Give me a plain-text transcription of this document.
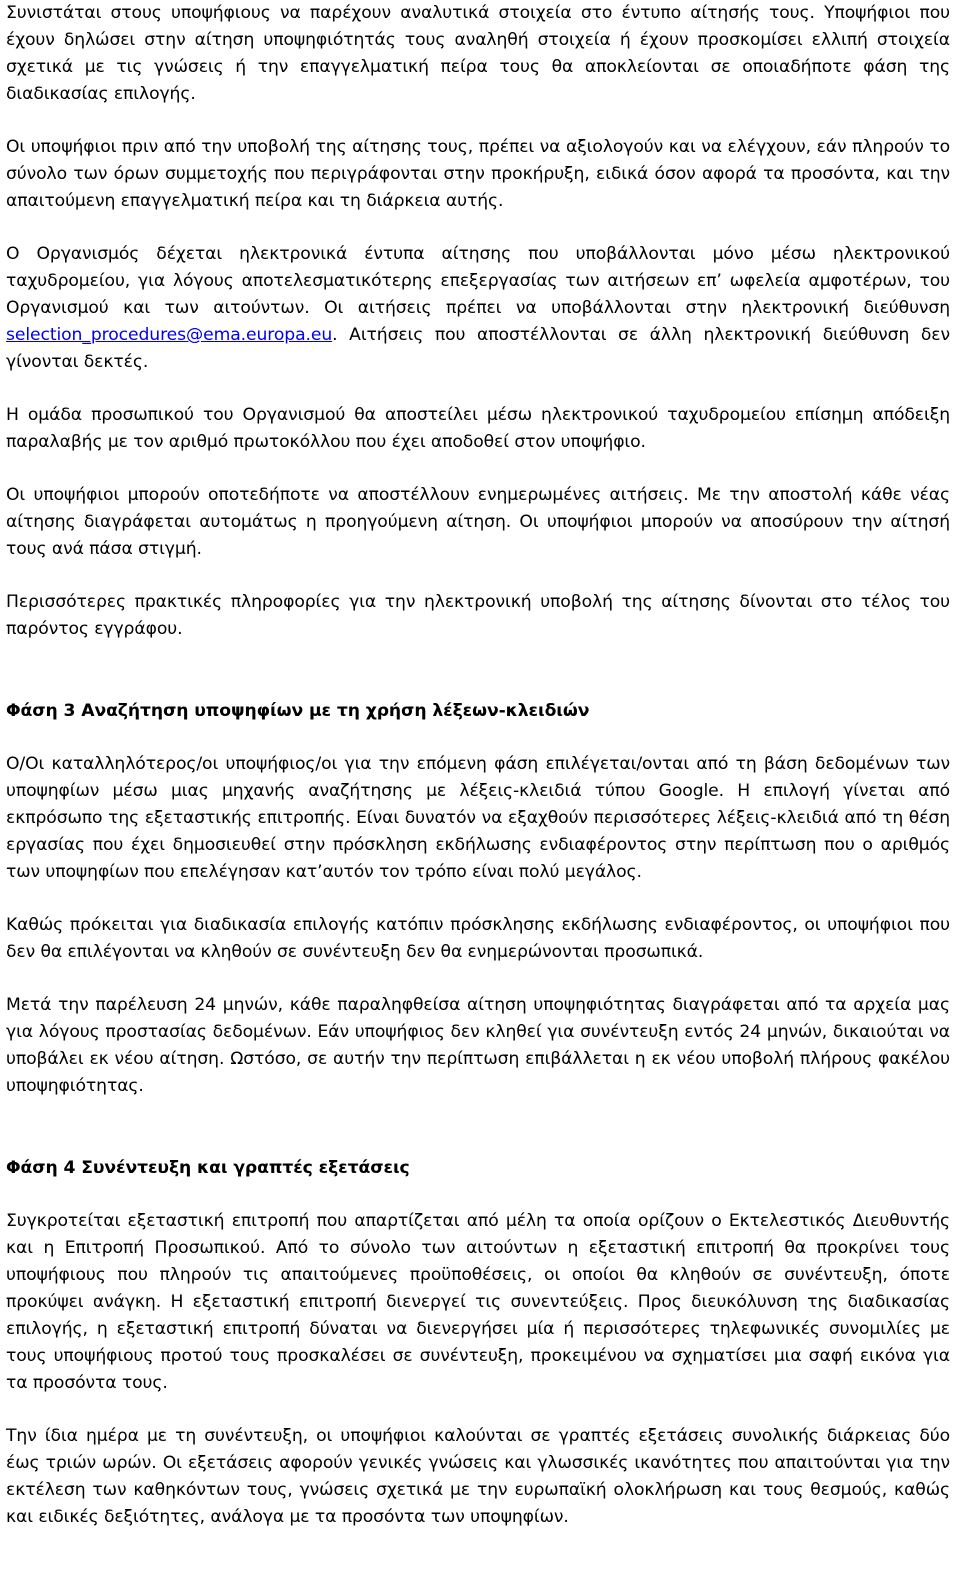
Συνιστάται στους υποψήφιους να παρέχουν αναλυτικά στοιχεία στο έντυπο αίτησής τους. Υποψήφιοι που έχουν δηλώσει στην αίτηση υποψηφιότητάς τους αναληθή στοιχεία ή έχουν προσκομίσει ελλιπή στοιχεία σχετικά με τις γνώσεις ή την επαγγελματική πείρα τους θα αποκλείονται σε οποιαδήποτε φάση της διαδικασίας επιλογής.

Οι υποψήφιοι πριν από την υποβολή της αίτησης τους, πρέπει να αξιολογούν και να ελέγχουν, εάν πληρούν το σύνολο των όρων συμμετοχής που περιγράφονται στην προκήρυξη, ειδικά όσον αφορά τα προσόντα, και την απαιτούμενη επαγγελματική πείρα και τη διάρκεια αυτής.

Ο Οργανισμός δέχεται ηλεκτρονικά έντυπα αίτησης που υποβάλλονται μόνο μέσω ηλεκτρονικού ταχυδρομείου, για λόγους αποτελεσματικότερης επεξεργασίας των αιτήσεων επ’ ωφελεία αμφοτέρων, του Οργανισμού και των αιτούντων. Οι αιτήσεις πρέπει να υποβάλλονται στην ηλεκτρονική διεύθυνση selection_procedures@ema.europa.eu. Αιτήσεις που αποστέλλονται σε άλλη ηλεκτρονική διεύθυνση δεν γίνονται δεκτές.

Η ομάδα προσωπικού του Οργανισμού θα αποστείλει μέσω ηλεκτρονικού ταχυδρομείου επίσημη απόδειξη παραλαβής με τον αριθμό πρωτοκόλλου που έχει αποδοθεί στον υποψήφιο.

Οι υποψήφιοι μπορούν οποτεδήποτε να αποστέλλουν ενημερωμένες αιτήσεις. Με την αποστολή κάθε νέας αίτησης διαγράφεται αυτομάτως η προηγούμενη αίτηση. Οι υποψήφιοι μπορούν να αποσύρουν την αίτησή τους ανά πάσα στιγμή.

Περισσότερες πρακτικές πληροφορίες για την ηλεκτρονική υποβολή της αίτησης δίνονται στο τέλος του παρόντος εγγράφου.

Φάση 3 Αναζήτηση υποψηφίων με τη χρήση λέξεων-κλειδιών

Ο/Οι καταλληλότερος/οι υποψήφιος/οι για την επόμενη φάση επιλέγεται/ονται από τη βάση δεδομένων των υποψηφίων μέσω μιας μηχανής αναζήτησης με λέξεις-κλειδιά τύπου Google. Η επιλογή γίνεται από εκπρόσωπο της εξεταστικής επιτροπής. Είναι δυνατόν να εξαχθούν περισσότερες λέξεις-κλειδιά από τη θέση εργασίας που έχει δημοσιευθεί στην πρόσκληση εκδήλωσης ενδιαφέροντος στην περίπτωση που ο αριθμός των υποψηφίων που επελέγησαν κατ’αυτόν τον τρόπο είναι πολύ μεγάλος.

Καθώς πρόκειται για διαδικασία επιλογής κατόπιν πρόσκλησης εκδήλωσης ενδιαφέροντος, οι υποψήφιοι που δεν θα επιλέγονται να κληθούν σε συνέντευξη δεν θα ενημερώνονται προσωπικά.

Μετά την παρέλευση 24 μηνών, κάθε παραληφθείσα αίτηση υποψηφιότητας διαγράφεται από τα αρχεία μας για λόγους προστασίας δεδομένων. Εάν υποψήφιος δεν κληθεί για συνέντευξη εντός 24 μηνών, δικαιούται να υποβάλει εκ νέου αίτηση. Ωστόσο, σε αυτήν την περίπτωση επιβάλλεται η εκ νέου υποβολή πλήρους φακέλου υποψηφιότητας.

Φάση 4 Συνέντευξη και γραπτές εξετάσεις

Συγκροτείται εξεταστική επιτροπή που απαρτίζεται από μέλη τα οποία ορίζουν ο Εκτελεστικός Διευθυντής και η Επιτροπή Προσωπικού. Από το σύνολο των αιτούντων η εξεταστική επιτροπή θα προκρίνει τους υποψήφιους που πληρούν τις απαιτούμενες προϋποθέσεις, οι οποίοι θα κληθούν σε συνέντευξη, όποτε προκύψει ανάγκη. Η εξεταστική επιτροπή διενεργεί τις συνεντεύξεις. Προς διευκόλυνση της διαδικασίας επιλογής, η εξεταστική επιτροπή δύναται να διενεργήσει μία ή περισσότερες τηλεφωνικές συνομιλίες με τους υποψήφιους προτού τους προσκαλέσει σε συνέντευξη, προκειμένου να σχηματίσει μια σαφή εικόνα για τα προσόντα τους.

Την ίδια ημέρα με τη συνέντευξη, οι υποψήφιοι καλούνται σε γραπτές εξετάσεις συνολικής διάρκειας δύο έως τριών ωρών. Οι εξετάσεις αφορούν γενικές γνώσεις και γλωσσικές ικανότητες που απαιτούνται για την εκτέλεση των καθηκόντων τους, γνώσεις σχετικά με την ευρωπαϊκή ολοκλήρωση και τους θεσμούς, καθώς και ειδικές δεξιότητες, ανάλογα με τα προσόντα των υποψηφίων.
